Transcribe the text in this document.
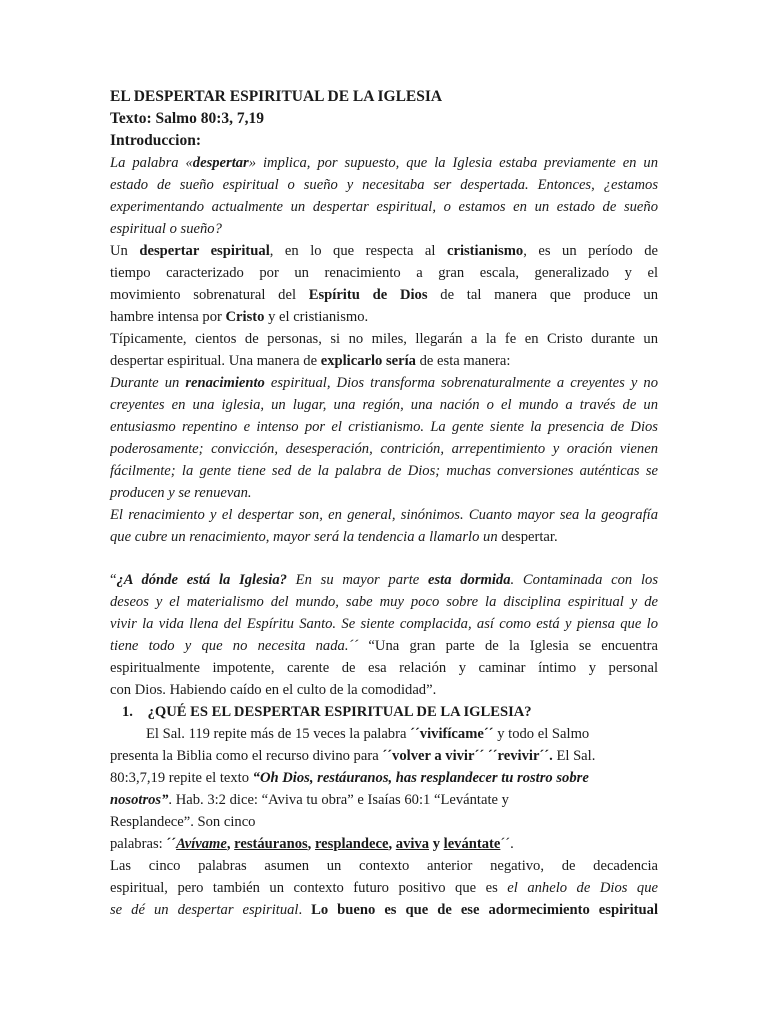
EL DESPERTAR ESPIRITUAL DE LA IGLESIA
Texto: Salmo 80:3, 7,19
Introduccion:
La palabra «despertar» implica, por supuesto, que la Iglesia estaba previamente en un
estado de sueño espiritual o sueño y necesitaba ser despertada. Entonces, ¿estamos
experimentando actualmente un despertar espiritual, o estamos en un estado de sueño
espiritual o sueño?
Un despertar espiritual, en lo que respecta al cristianismo, es un período de
tiempo caracterizado por un renacimiento a gran escala, generalizado y el
movimiento sobrenatural del Espíritu de Dios de tal manera que produce un
hambre intensa por Cristo y el cristianismo.
Típicamente, cientos de personas, si no miles, llegarán a la fe en Cristo durante un
despertar espiritual. Una manera de explicarlo sería de esta manera:
Durante un renacimiento espiritual, Dios transforma sobrenaturalmente a creyentes y no
creyentes en una iglesia, un lugar, una región, una nación o el mundo a través de un
entusiasmo repentino e intenso por el cristianismo. La gente siente la presencia de Dios
poderosamente; convicción, desesperación, contrición, arrepentimiento y oración vienen
fácilmente; la gente tiene sed de la palabra de Dios; muchas conversiones auténticas se
producen y se renuevan.
El renacimiento y el despertar son, en general, sinónimos. Cuanto mayor sea la geografía
que cubre un renacimiento, mayor será la tendencia a llamarlo un despertar.
“¿A dónde está la Iglesia? En su mayor parte esta dormida. Contaminada con los
deseos y el materialismo del mundo, sabe muy poco sobre la disciplina espiritual y de
vivir la vida llena del Espíritu Santo. Se siente complacida, así como está y piensa que lo
tiene todo y que no necesita nada.´´ “Una gran parte de la Iglesia se encuentra
espiritualmente impotente, carente de esa relación y caminar íntimo y personal
con Dios. Habiendo caído en el culto de la comodidad”.
1. ¿QUÉ ES EL DESPERTAR ESPIRITUAL DE LA IGLESIA?
El Sal. 119 repite más de 15 veces la palabra ´´vivifícame´´ y todo el Salmo
presenta la Biblia como el recurso divino para ´´volver a vivir´´ ´´revivir´´. El Sal.
80:3,7,19 repite el texto “Oh Dios, restáuranos, has resplandecer tu rostro sobre
nosotros”. Hab. 3:2 dice: “Aviva tu obra” e Isaías 60:1 “Levántate y
Resplandece”. Son cinco
palabras: ´´Avívame, restáuranos, resplandece, aviva y levántate´´.
Las cinco palabras asumen un contexto anterior negativo, de decadencia
espiritual, pero también un contexto futuro positivo que es el anhelo de Dios que
se dé un despertar espiritual. Lo bueno es que de ese adormecimiento espiritual
